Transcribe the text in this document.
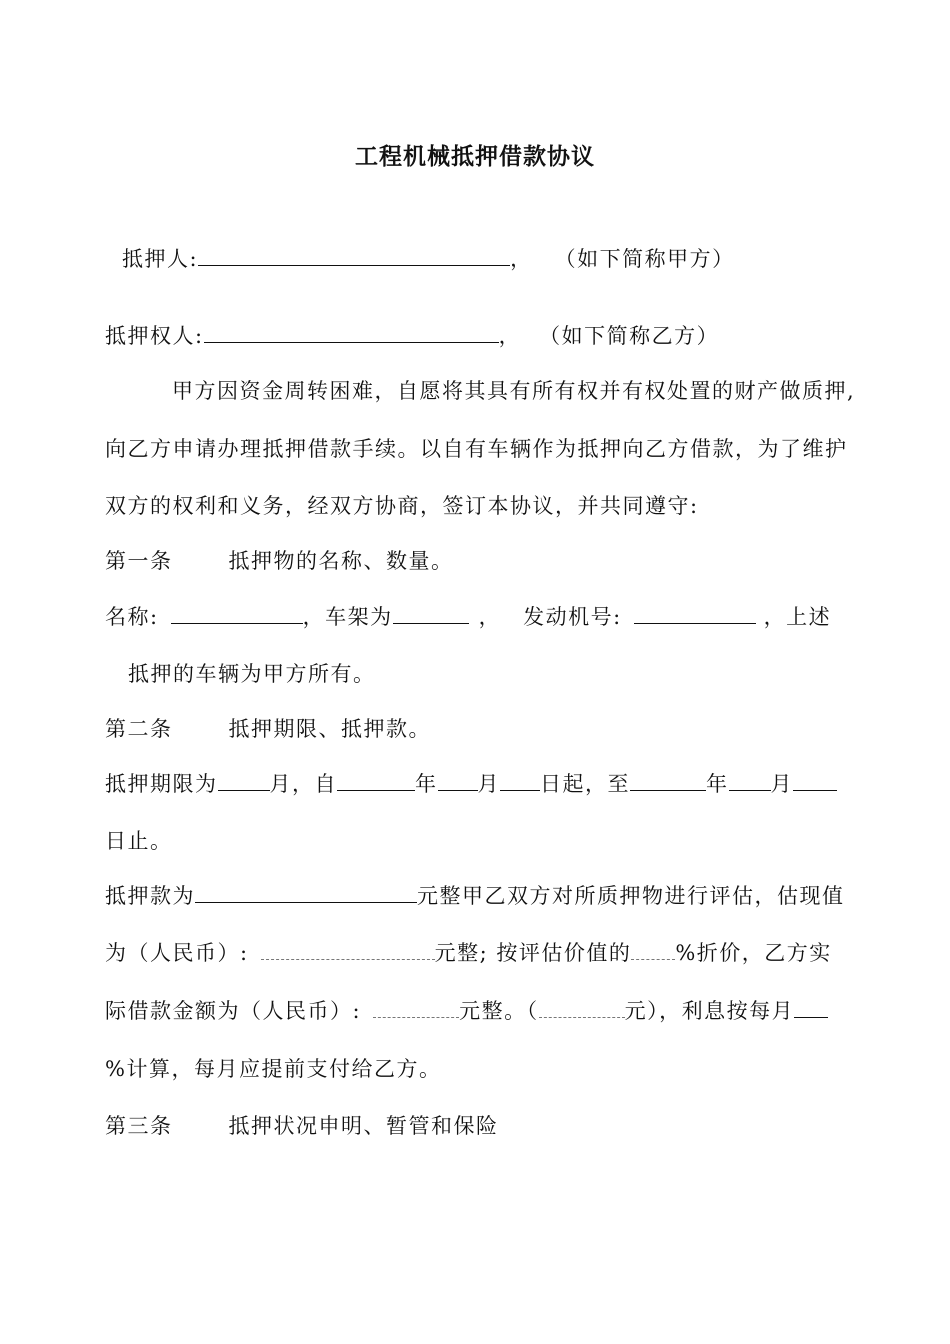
工程机械抵押借款协议
抵押人:	， （如下简称甲方）
抵押权人:	， （如下简称乙方）
甲方因资金周转困难，自愿将其具有所有权并有权处置的财产做质押,
向乙方申请办理抵押借款手续。以自有车辆作为抵押向乙方借款，为了维护
双方的权利和义务，经双方协商，签订本协议，并共同遵守:
第一条	抵押物的名称、数量。
名称:	，车架为	， 发动机号:	，上述
抵押的车辆为甲方所有。
第二条	抵押期限、抵押款。
抵押期限为 月，自	年 月 日起，至	年 月
日止。
抵押款为	元整甲乙双方对所质押物进行评估，估现值
为（人民币）:	元整; 按评估价值的 %折价，乙方实
际借款金额为（人民币）:	元整。（	元），利息按每月
%计算，每月应提前支付给乙方。
第三条	抵押状况申明、暂管和保险
